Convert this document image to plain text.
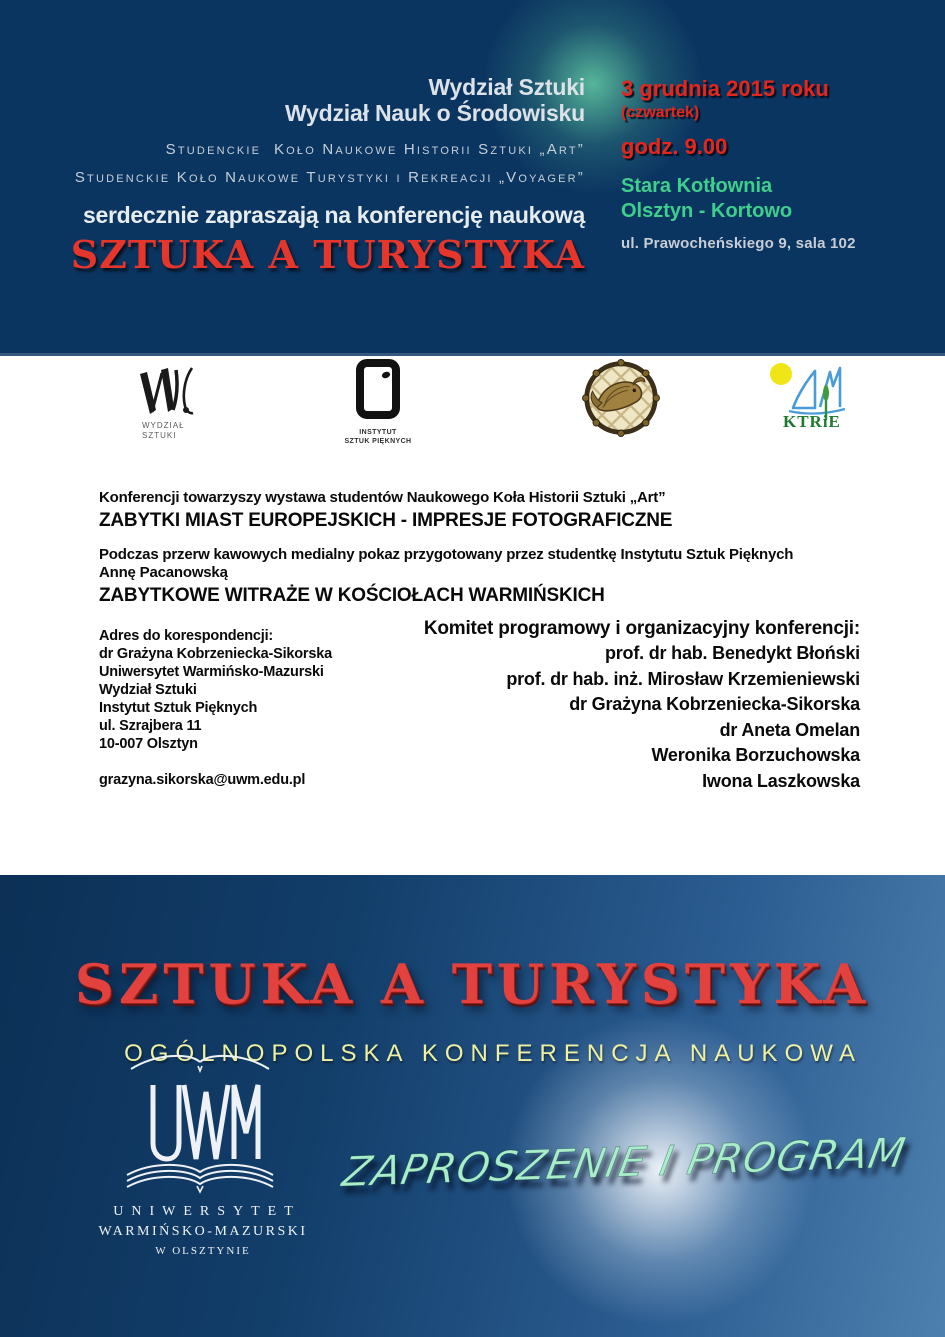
Wydział Sztuki
Wydział Nauk o Środowisku
Studenckie  Koło Naukowe Historii Sztuki „Art”
Studenckie Koło Naukowe Turystyki i Rekreacji „Voyager”
serdecznie zapraszają na konferencję naukową
SZTUKA A TURYSTYKA
3 grudnia 2015 roku
(czwartek)
godz. 9.00
Stara Kotłownia
Olsztyn - Kortowo
ul. Prawocheńskiego 9, sala 102
WYDZIAŁ
SZTUKI	INSTYTUT
SZTUK PIĘKNYCH
KTRiE
Konferencji towarzyszy wystawa studentów Naukowego Koła Historii Sztuki „Art”
ZABYTKI MIAST EUROPEJSKICH - IMPRESJE FOTOGRAFICZNE
Podczas przerw kawowych medialny pokaz przygotowany przez studentkę Instytutu Sztuk Pięknych
Annę Pacanowską
ZABYTKOWE WITRAŻE W KOŚCIOŁACH WARMIŃSKICH
Adres do korespondencji:
dr Grażyna Kobrzeniecka-Sikorska
Uniwersytet Warmińsko-Mazurski
Wydział Sztuki
Instytut Sztuk Pięknych
ul. Szrajbera 11
10-007 Olsztyn
grazyna.sikorska@uwm.edu.pl
Komitet programowy i organizacyjny konferencji:
prof. dr hab. Benedykt Błoński
prof. dr hab. inż. Mirosław Krzemieniewski
dr Grażyna Kobrzeniecka-Sikorska
dr Aneta Omelan
Weronika Borzuchowska
Iwona Laszkowska
SZTUKA A TURYSTYKA
OGÓLNOPOLSKA KONFERENCJA NAUKOWA
UNIWERSYTET
WARMIŃSKO-MAZURSKI
W OLSZTYNIE
ZAPROSZENIE I PROGRAM
